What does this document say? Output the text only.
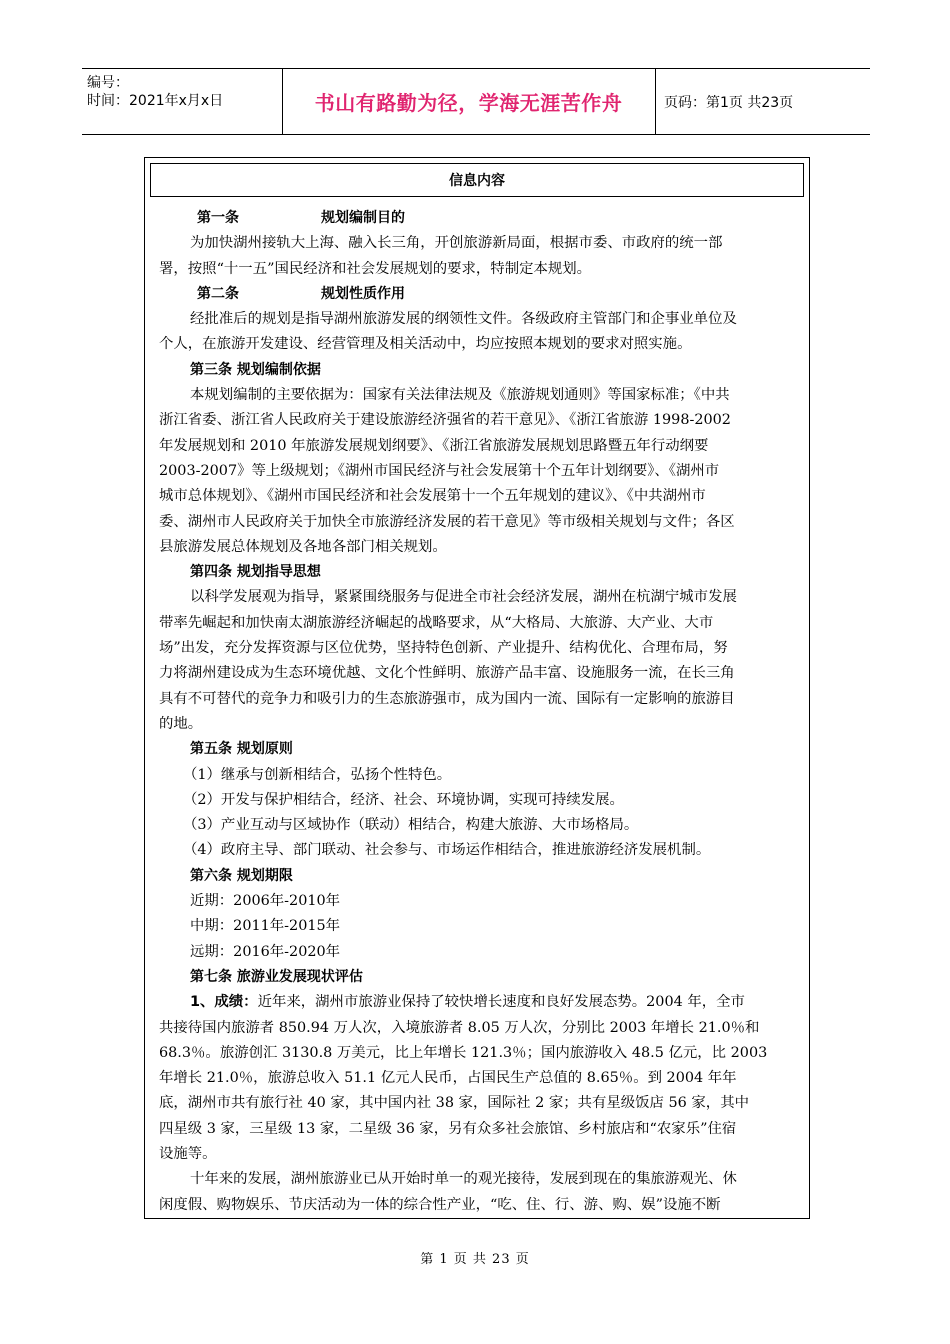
编号：
时间：2021年x月x日	书山有路勤为径，学海无涯苦作舟	页码：第1页 共23页
信息内容
第一条	规划编制目的
为加快湖州接轨大上海、融入长三角，开创旅游新局面，根据市委、市政府的统一部
署，按照“十一五”国民经济和社会发展规划的要求，特制定本规划。
第二条	规划性质作用
经批准后的规划是指导湖州旅游发展的纲领性文件。各级政府主管部门和企事业单位及
个人，在旅游开发建设、经营管理及相关活动中，均应按照本规划的要求对照实施。
第三条 规划编制依据
本规划编制的主要依据为：国家有关法律法规及《旅游规划通则》等国家标准；《中共
浙江省委、浙江省人民政府关于建设旅游经济强省的若干意见》、《浙江省旅游 1998-2002
年发展规划和 2010 年旅游发展规划纲要》、《浙江省旅游发展规划思路暨五年行动纲要
2003-2007》等上级规划；《湖州市国民经济与社会发展第十个五年计划纲要》、《湖州市
城市总体规划》、《湖州市国民经济和社会发展第十一个五年规划的建议》、《中共湖州市
委、湖州市人民政府关于加快全市旅游经济发展的若干意见》等市级相关规划与文件；各区
县旅游发展总体规划及各地各部门相关规划。
第四条 规划指导思想
以科学发展观为指导，紧紧围绕服务与促进全市社会经济发展，湖州在杭湖宁城市发展
带率先崛起和加快南太湖旅游经济崛起的战略要求，从“大格局、大旅游、大产业、大市
场”出发，充分发挥资源与区位优势，坚持特色创新、产业提升、结构优化、合理布局，努
力将湖州建设成为生态环境优越、文化个性鲜明、旅游产品丰富、设施服务一流，在长三角
具有不可替代的竞争力和吸引力的生态旅游强市，成为国内一流、国际有一定影响的旅游目
的地。
第五条 规划原则
（1）继承与创新相结合，弘扬个性特色。
（2）开发与保护相结合，经济、社会、环境协调，实现可持续发展。
（3）产业互动与区域协作（联动）相结合，构建大旅游、大市场格局。
（4）政府主导、部门联动、社会参与、市场运作相结合，推进旅游经济发展机制。
第六条 规划期限
近期：2006年-2010年
中期：2011年-2015年
远期：2016年-2020年
第七条 旅游业发展现状评估
1、成绩：近年来，湖州市旅游业保持了较快增长速度和良好发展态势。2004 年，全市
共接待国内旅游者 850.94 万人次，入境旅游者 8.05 万人次，分别比 2003 年增长 21.0％和
68.3％。旅游创汇 3130.8 万美元，比上年增长 121.3％；国内旅游收入 48.5 亿元，比 2003
年增长 21.0％，旅游总收入 51.1 亿元人民币，占国民生产总值的 8.65％。到 2004 年年
底，湖州市共有旅行社 40 家，其中国内社 38 家，国际社 2 家；共有星级饭店 56 家，其中
四星级 3 家，三星级 13 家，二星级 36 家，另有众多社会旅馆、乡村旅店和“农家乐”住宿
设施等。
十年来的发展，湖州旅游业已从开始时单一的观光接待，发展到现在的集旅游观光、休
闲度假、购物娱乐、节庆活动为一体的综合性产业，“吃、住、行、游、购、娱”设施不断
第 1 页 共 23 页
